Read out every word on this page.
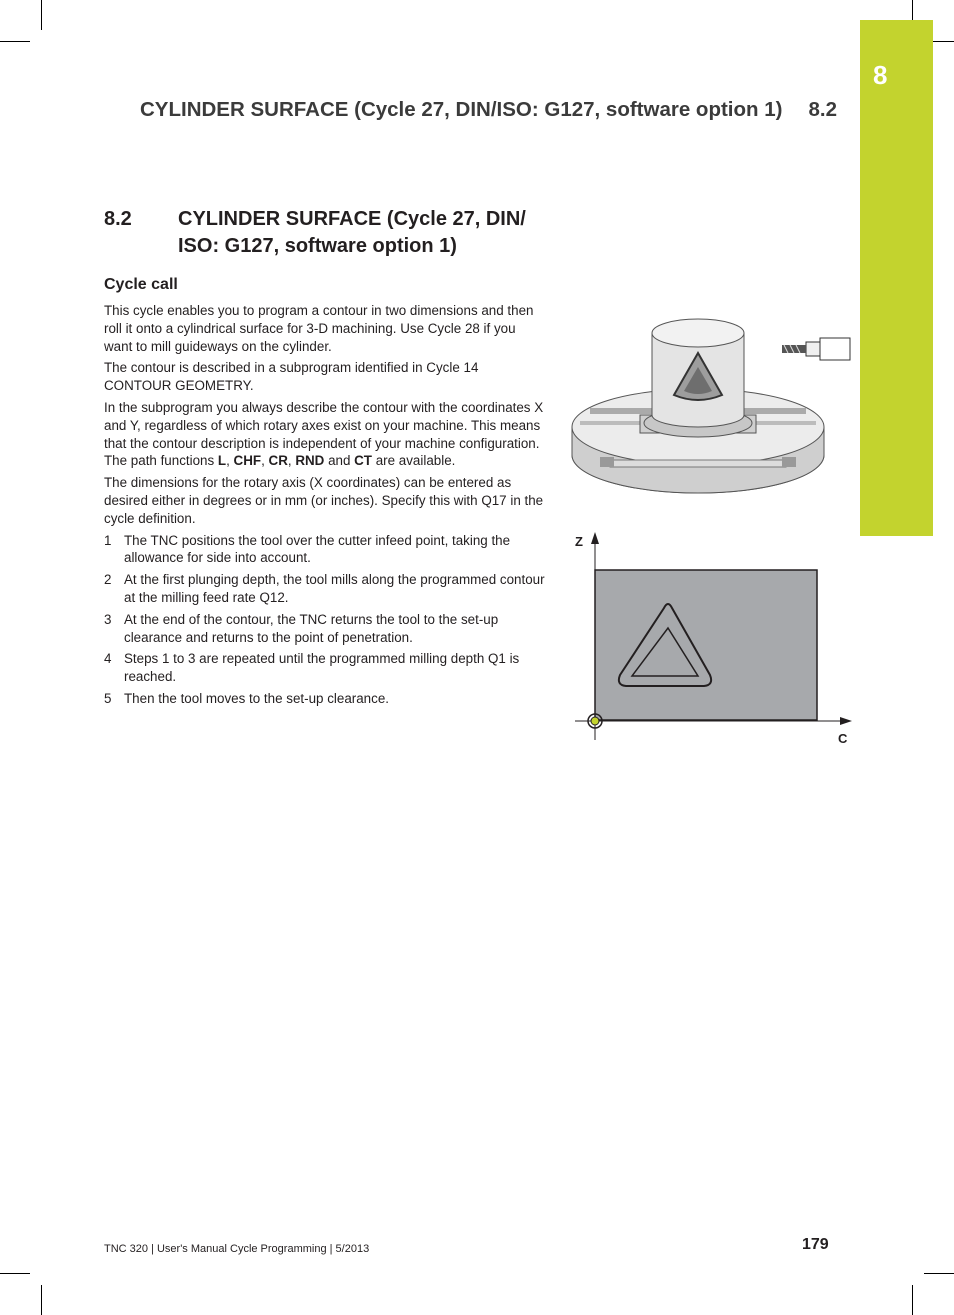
8
CYLINDER SURFACE (Cycle 27, DIN/ISO: G127, software option 1) 8.2
8.2 CYLINDER SURFACE (Cycle 27, DIN/ ISO: G127, software option 1)
Cycle call

This cycle enables you to program a contour in two dimensions and then roll it onto a cylindrical surface for 3-D machining. Use Cycle 28 if you want to mill guideways on the cylinder.

The contour is described in a subprogram identified in Cycle 14 CONTOUR GEOMETRY.

In the subprogram you always describe the contour with the coordinates X and Y, regardless of which rotary axes exist on your machine. This means that the contour description is independent of your machine configuration. The path functions L, CHF, CR, RND and CT are available.

The dimensions for the rotary axis (X coordinates) can be entered as desired either in degrees or in mm (or inches). Specify this with Q17 in the cycle definition.

1 The TNC positions the tool over the cutter infeed point, taking the allowance for side into account.
2 At the first plunging depth, the tool mills along the programmed contour at the milling feed rate Q12.
3 At the end of the contour, the TNC returns the tool to the set-up clearance and returns to the point of penetration.
4 Steps 1 to 3 are repeated until the programmed milling depth Q1 is reached.
5 Then the tool moves to the set-up clearance.
Z
C
TNC 320 | User's Manual Cycle Programming | 5/2013	179
